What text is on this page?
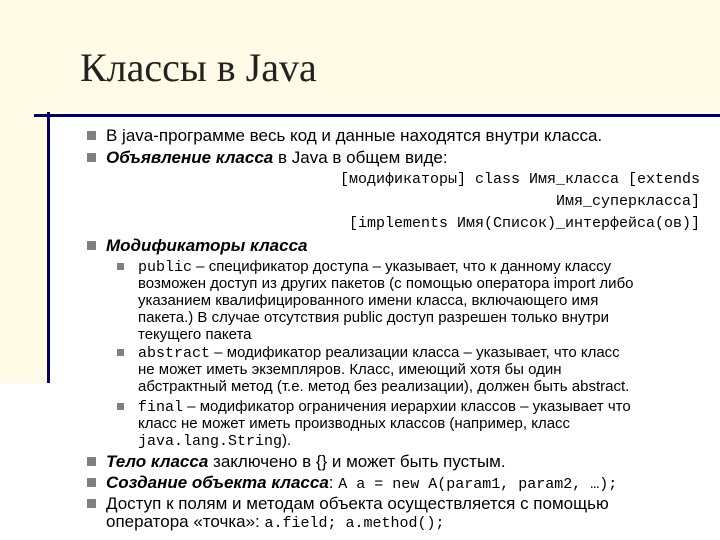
Классы в Java
В java-программе весь код и данные находятся внутри класса.
Объявление класса в Java в общем виде:
[модификаторы] class Имя_класса [extends
Имя_суперкласса]
[implements Имя(Список)_интерфейса(ов)]
Модификаторы класса
public – спецификатор доступа – указывает, что к данному классу
возможен доступ из других пакетов (с помощью оператора import либо
указанием квалифицированного имени класса, включающего имя
пакета.) В случае отсутствия public доступ разрешен только внутри
текущего пакета
abstract – модификатор реализации класса – указывает, что класс
не может иметь экземпляров. Класс, имеющий хотя бы один
абстрактный метод (т.е. метод без реализации), должен быть abstract.
final – модификатор ограничения иерархии классов – указывает что
класс не может иметь производных классов (например, класс
java.lang.String).
Тело класса заключено в {} и может быть пустым.
Создание объекта класса: A a = new A(param1, param2, …);
Доступ к полям и методам объекта осуществляется с помощью
оператора «точка»: a.field; a.method();
